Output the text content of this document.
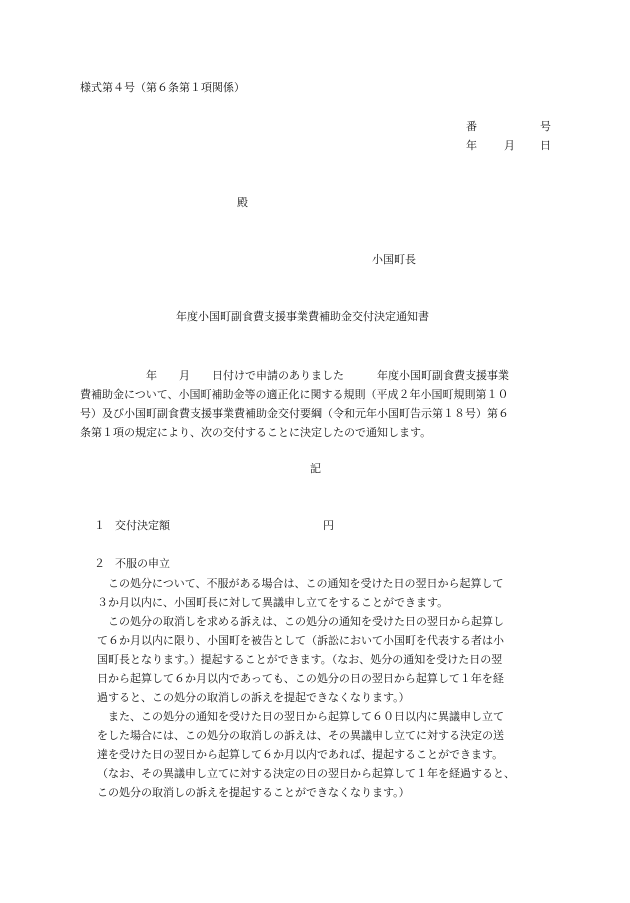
様式第４号（第６条第１項関係）
番	号
年 月 日
殿
小国町長
年度小国町副食費支援事業費補助金交付決定通知書
　　　　　　年　　月　　日付けで申請のありました　　　年度小国町副食費支援事業
費補助金について、小国町補助金等の適正化に関する規則（平成２年小国町規則第１０
号）及び小国町副食費支援事業費補助金交付要綱（令和元年小国町告示第１８号）第６
条第１項の規定により、次の交付することに決定したので通知します。
記
１ 交付決定額	円
２ 不服の申立
　この処分について、不服がある場合は、この通知を受けた日の翌日から起算して
３か月以内に、小国町長に対して異議申し立てをすることができます。
　この処分の取消しを求める訴えは、この処分の通知を受けた日の翌日から起算し
て６か月以内に限り、小国町を被告として（訴訟において小国町を代表する者は小
国町長となります。）提起することができます。（なお、処分の通知を受けた日の翌
日から起算して６か月以内であっても、この処分の日の翌日から起算して１年を経
過すると、この処分の取消しの訴えを提起できなくなります。）
　また、この処分の通知を受けた日の翌日から起算して６０日以内に異議申し立て
をした場合には、この処分の取消しの訴えは、その異議申し立てに対する決定の送
達を受けた日の翌日から起算して６か月以内であれば、提起することができます。
（なお、その異議申し立てに対する決定の日の翌日から起算して１年を経過すると、
この処分の取消しの訴えを提起することができなくなります。）
